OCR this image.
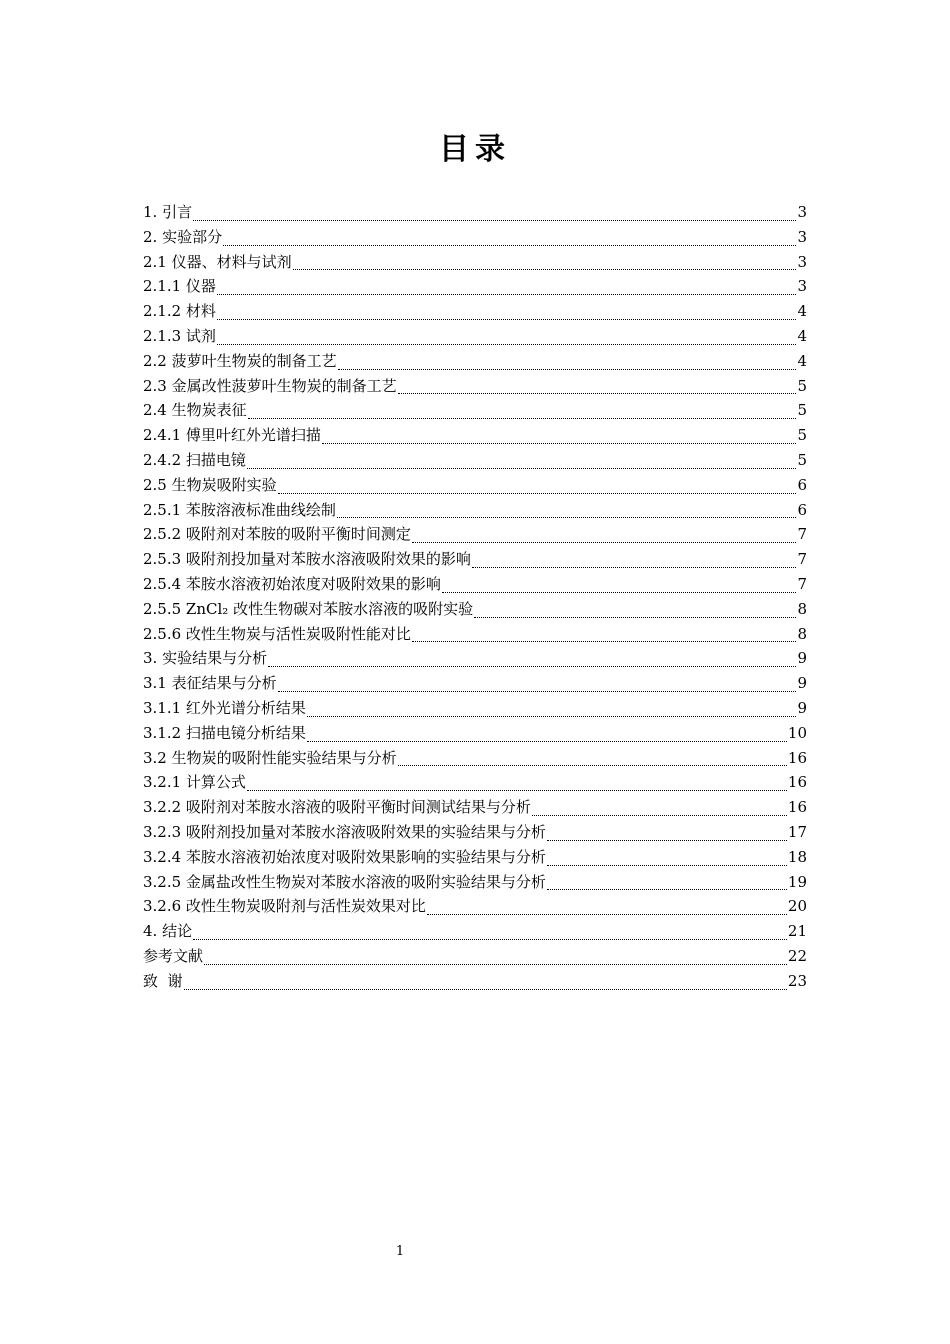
目录
1. 引言	3
2. 实验部分	3
2.1 仪器、材料与试剂	3
2.1.1 仪器	3
2.1.2 材料	4
2.1.3 试剂	4
2.2 菠萝叶生物炭的制备工艺	4
2.3 金属改性菠萝叶生物炭的制备工艺	5
2.4 生物炭表征	5
2.4.1 傅里叶红外光谱扫描	5
2.4.2 扫描电镜	5
2.5 生物炭吸附实验	6
2.5.1 苯胺溶液标准曲线绘制	6
2.5.2 吸附剂对苯胺的吸附平衡时间测定	7
2.5.3 吸附剂投加量对苯胺水溶液吸附效果的影响	7
2.5.4 苯胺水溶液初始浓度对吸附效果的影响	7
2.5.5 ZnCl₂ 改性生物碳对苯胺水溶液的吸附实验	8
2.5.6 改性生物炭与活性炭吸附性能对比	8
3. 实验结果与分析	9
3.1 表征结果与分析	9
3.1.1 红外光谱分析结果	9
3.1.2 扫描电镜分析结果	10
3.2 生物炭的吸附性能实验结果与分析	16
3.2.1 计算公式	16
3.2.2 吸附剂对苯胺水溶液的吸附平衡时间测试结果与分析	16
3.2.3 吸附剂投加量对苯胺水溶液吸附效果的实验结果与分析	17
3.2.4 苯胺水溶液初始浓度对吸附效果影响的实验结果与分析	18
3.2.5 金属盐改性生物炭对苯胺水溶液的吸附实验结果与分析	19
3.2.6 改性生物炭吸附剂与活性炭效果对比	20
4. 结论	21
参考文献	22
致  谢	23
1
